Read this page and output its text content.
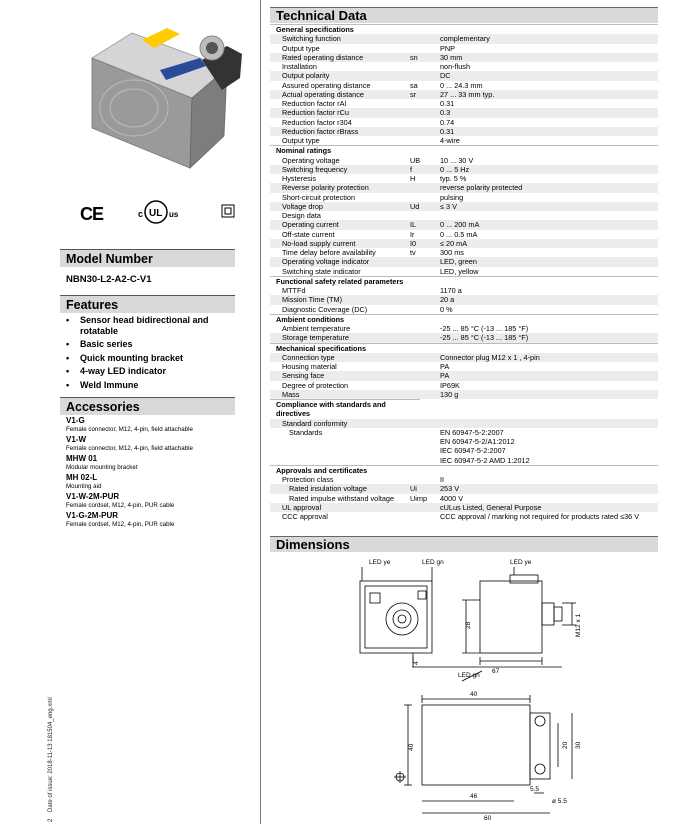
CE	c UL us
Model Number
NBN30-L2-A2-C-V1
Features
• Sensor head bidirectional and rotatable
• Basic series
• Quick mounting bracket
• 4-way LED indicator
• Weld Immune
Accessories
V1-G
Female connector, M12, 4-pin, field attachable
V1-W
Female connector, M12, 4-pin, field attachable
MHW 01
Modular mounting bracket
MH 02-L
Mounting aid
V1-W-2M-PUR
Female cordset, M12, 4-pin, PUR cable
V1-G-2M-PUR
Female cordset, M12, 4-pin, PUR cable
2    Date of issue: 2018-11-13 181504_eng.xml
Technical Data
General specifications
Switching function	complementary
Output type	PNP
Rated operating distance	sn	30 mm
Installation	non-flush
Output polarity	DC
Assured operating distance	sa	0 ... 24.3 mm
Actual operating distance	sr	27 ... 33 mm typ.
Reduction factor rAl	0.31
Reduction factor rCu	0.3
Reduction factor r304	0.74
Reduction factor rBrass	0.31
Output type	4-wire
Nominal ratings
Operating voltage	UB	10 ... 30 V
Switching frequency	f	0 ... 5 Hz
Hysteresis	H	typ. 5 %
Reverse polarity protection	reverse polarity protected
Short-circuit protection	pulsing
Voltage drop	Ud	≤ 3 V
Design data
Operating current	IL	0 ... 200 mA
Off-state current	Ir	0 ... 0.5 mA
No-load supply current	I0	≤ 20 mA
Time delay before availability	tv	300 ms
Operating voltage indicator	LED, green
Switching state indicator	LED, yellow
Functional safety related parameters
MTTFd	1170 a
Mission Time (TM)	20 a
Diagnostic Coverage (DC)	0 %
Ambient conditions
Ambient temperature	-25 ... 85 °C (-13 ... 185 °F)
Storage temperature	-25 ... 85 °C (-13 ... 185 °F)
Mechanical specifications
Connection type	Connector plug M12 x 1 , 4-pin
Housing material	PA
Sensing face	PA
Degree of protection	IP69K
Mass	130 g
Compliance with standards and directives
Standard conformity
Standards	EN 60947-5-2:2007
EN 60947-5-2/A1:2012
IEC 60947-5-2:2007
IEC 60947-5-2 AMD 1:2012
Approvals and certificates
Protection class	II
Rated insulation voltage	Ui	253 V
Rated impulse withstand voltage Uimp 4000 V
UL approval	cULus Listed, General Purpose
CCC approval	CCC approval / marking not required for products rated ≤36 V
Dimensions
LED ye	LED gn	LED ye
LED gn
28
4
67
M12 x 1
40
40	20 30
5.5
ø 5.5
46
60
